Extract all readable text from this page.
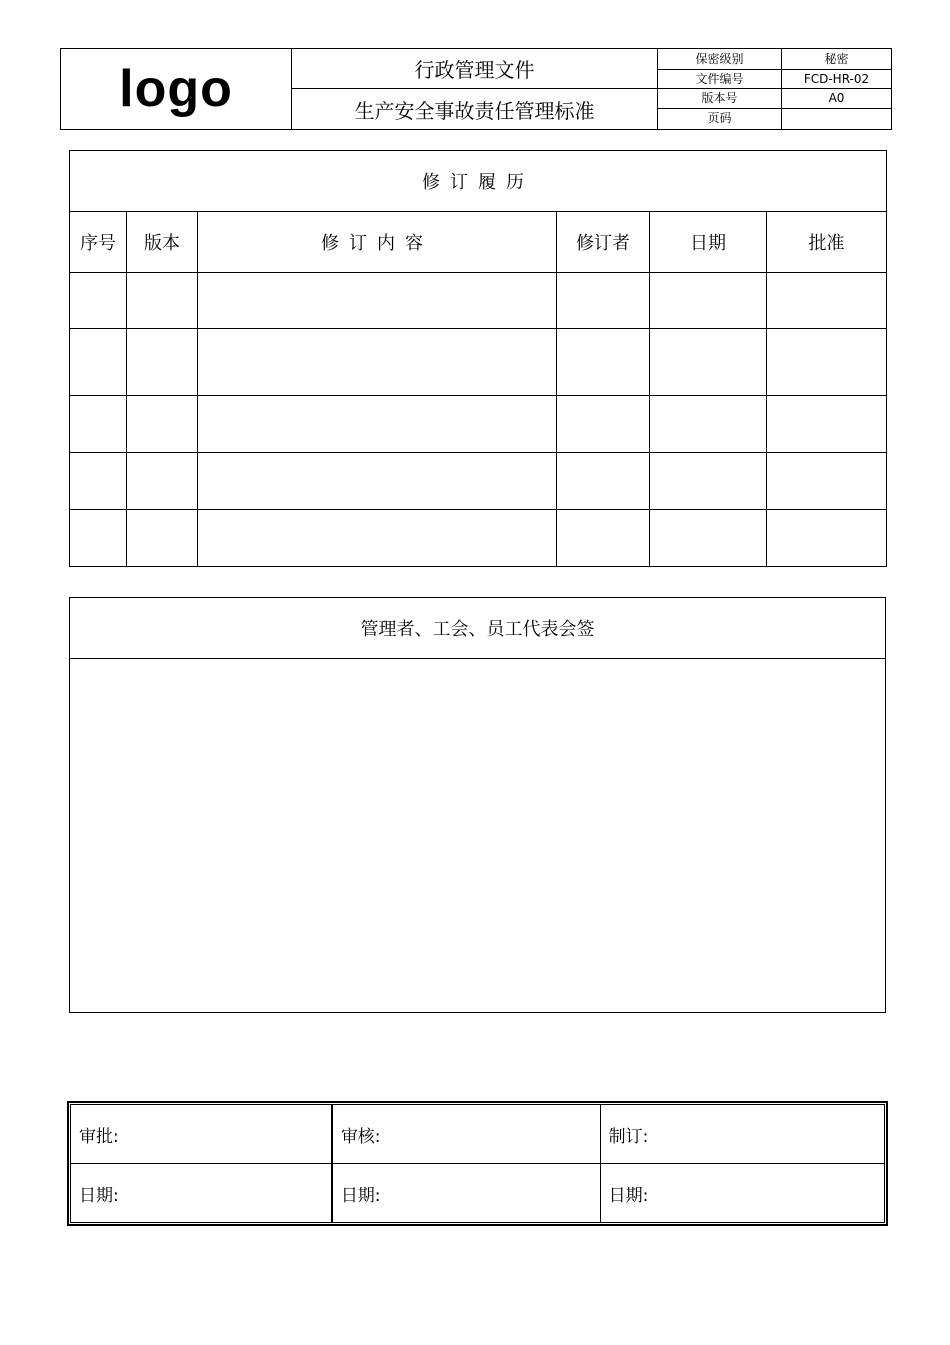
logo	行政管理文件	保密级别	秘密
		文件编号	FCD-HR-02
	生产安全事故责任管理标准	版本号	A0
		页码	
修订履历					
序号	版本	修订内容	修订者	日期	批准

管理者、工会、员工代表会签

审批:	审核:	制订:
日期:	日期:	日期:
